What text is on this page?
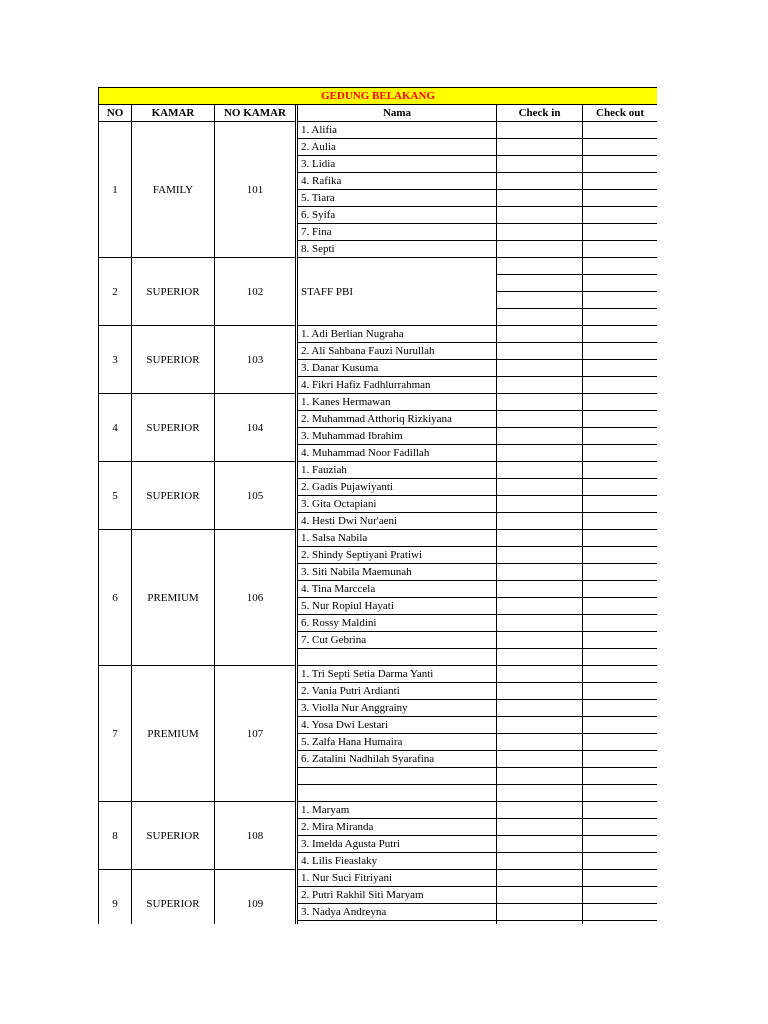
GEDUNG BELAKANG						
NO	KAMAR	NO KAMAR		Nama	Check in	Check out
1	FAMILY	101		1. Alifia		
				2. Aulia		
				3. Lidia		
				4. Rafika		
				5. Tiara		
				6. Syifa		
				7. Fina		
				8. Septi		
2	SUPERIOR	102		STAFF PBI		

3	SUPERIOR	103		1. Adi Berlian Nugraha		
				2. Ali Sahbana Fauzi Nurullah		
				3. Danar Kusuma		
				4. Fikri Hafiz Fadhlurrahman		
4	SUPERIOR	104		1. Kanes Hermawan		
				2. Muhammad Atthoriq Rizkiyana		
				3. Muhammad Ibrahim		
				4. Muhammad Noor Fadillah		
5	SUPERIOR	105		1. Fauziah		
				2. Gadis Pujawiyanti		
				3. Gita Octapiani		
				4. Hesti Dwi Nur'aeni		
6	PREMIUM	106		1. Salsa Nabila		
				2. Shindy Septiyani Pratiwi		
				3. Siti Nabila Maemunah		
				4. Tina Marccela		
				5. Nur Ropiul Hayati		
				6. Rossy Maldini		
				7. Cut Gebrina		

7	PREMIUM	107		1. Tri Septi Setia Darma Yanti		
				2. Vania Putri Ardianti		
				3. Violla Nur Anggrainy		
				4. Yosa Dwi Lestari		
				5. Zalfa Hana Humaira		
				6. Zatalini Nadhilah Syarafina		

8	SUPERIOR	108		1. Maryam		
				2. Mira Miranda		
				3. Imelda Agusta Putri		
				4. Lilis Fieaslaky		
9	SUPERIOR	109		1. Nur Suci Fitriyani		
				2. Putri Rakhil Siti Maryam		
				3. Nadya Andreyna		
